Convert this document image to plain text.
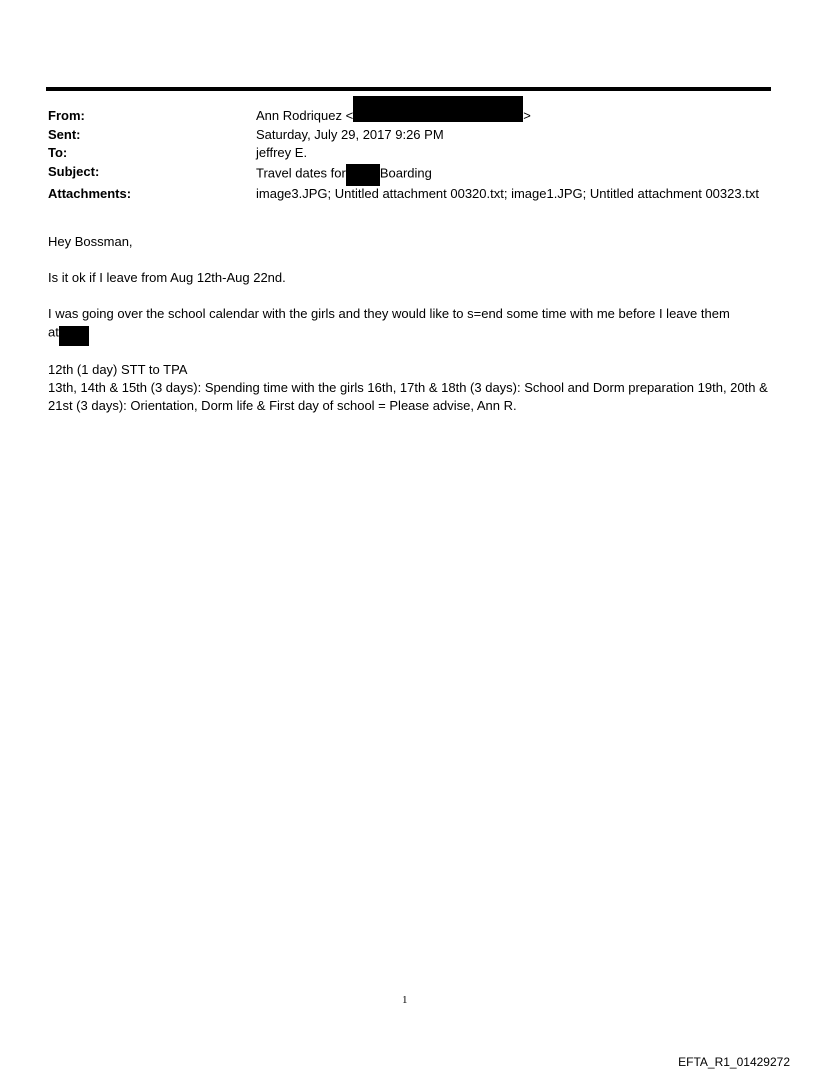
From:	Ann Rodriquez <	>
Sent:	Saturday, July 29, 2017 9:26 PM
To:	jeffrey E.
Subject:	Travel dates for	Boarding
Attachments:	image3.JPG; Untitled attachment 00320.txt; image1.JPG; Untitled attachment 00323.txt

Hey Bossman,

Is it ok if I leave from Aug 12th-Aug 22nd.

I was going over the school calendar with the girls and they would like to s=end some time with me before I leave them
at

12th (1 day) STT to TPA
13th, 14th & 15th (3 days): Spending time with the girls 16th, 17th & 18th (3 days): School and Dorm preparation 19th, 20th & 21st (3 days): Orientation, Dorm life & First day of school = Please advise, Ann R.

1
EFTA_R1_01429272
